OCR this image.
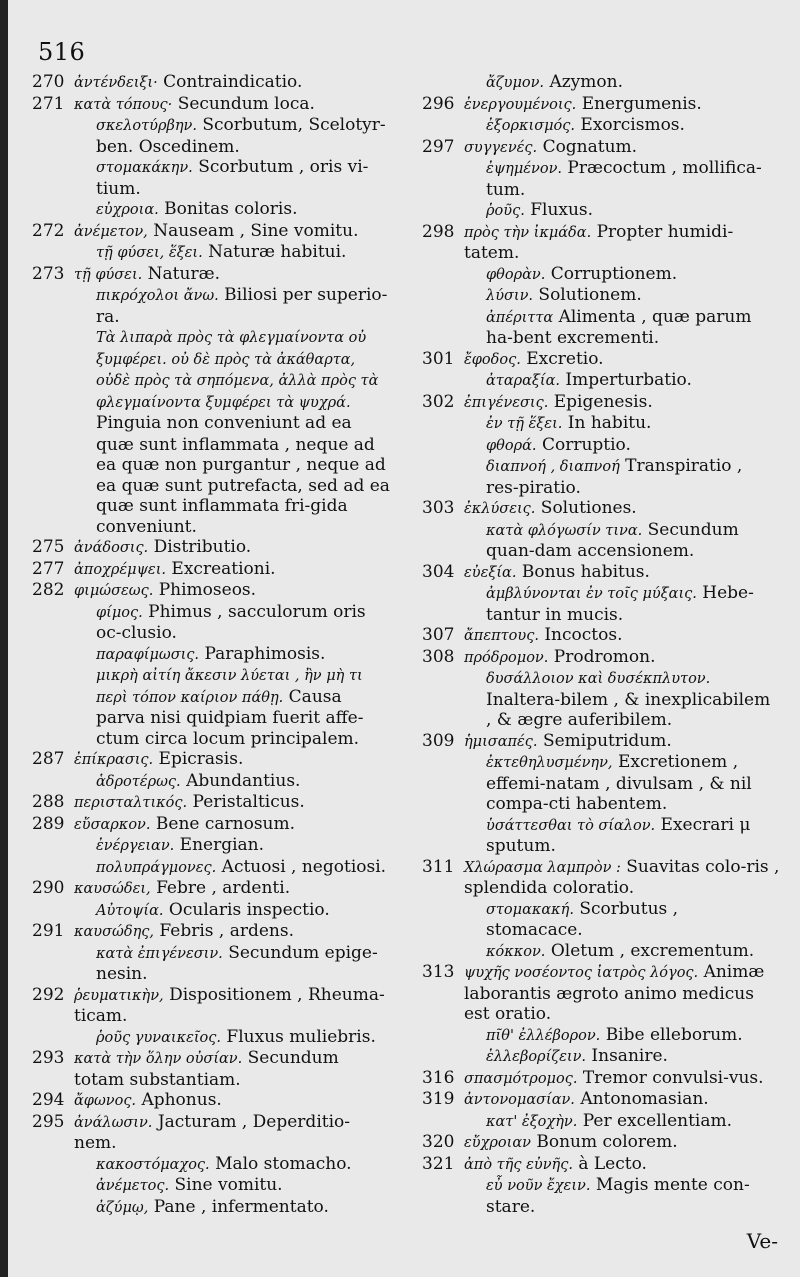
516
270 ἀντένδειξι· Contraindicatio.
271 κατὰ τόπους· Secundum loca.
σκελοτύρβην. Scorbutum, Scelotyr-ben. Oscedinem.
στομακάκην. Scorbutum , oris vi-tium.
εὐχροια. Bonitas coloris.
272 ἀνέμετον, Nauseam , Sine vomitu.
τῇ φύσει, ἕξει. Naturæ habitui.
273 τῇ φύσει. Naturæ.
πικρόχολοι ἄνω. Biliosi per superio-ra.
Τὰ λιπαρὰ πρὸς τὰ φλεγμαίνοντα οὐ ξυμφέρει. οὐ δὲ πρὸς τὰ ἀκάθαρτα, οὐδὲ πρὸς τὰ σηπόμενα, ἀλλὰ πρὸς τὰ φλεγμαίνοντα ξυμφέρει τὰ ψυχρά.
Pinguia non conveniunt ad ea quæ sunt inflammata , neque ad ea quæ non purgantur , neque ad ea quæ sunt putrefacta, sed ad ea quæ sunt inflammata fri-gida conveniunt.
275 ἀνάδοσις. Distributio.
277 ἀποχρέμψει. Excreationi.
282 φιμώσεως. Phimoseos.
φίμος. Phimus , sacculorum oris oc-clusio.
παραφίμωσις. Paraphimosis.
μικρὴ αἰτίη ἄκεσιν λύεται , ἢν μὴ τι περὶ τόπον καίριον πάθῃ. Causa parva nisi quidpiam fuerit affe-ctum circa locum principalem.
287 ἐπίκρασις. Epicrasis.
ἁδροτέρως. Abundantius.
288 περισταλτικός. Peristalticus.
289 εὔσαρκον. Bene carnosum.
ἐνέργειαν. Energian.
πολυπράγμονες. Actuosi , negotiosi.
290 καυσώδει, Febre , ardenti.
Αὐτοψία. Ocularis inspectio.
291 καυσώδης, Febris , ardens.
κατὰ ἐπιγένεσιν. Secundum epige-nesin.
292 ῥευματικὴν, Dispositionem , Rheuma-ticam.
ῥοῦς γυναικεῖος. Fluxus muliebris.
293 κατὰ τὴν ὅλην οὐσίαν. Secundum totam substantiam.
294 ἄφωνος. Aphonus.
295 ἀνάλωσιν. Jacturam , Deperditio-nem.
κακοστόμαχος. Malo stomacho.
ἀνέμετος. Sine vomitu.
ἀζύμῳ, Pane , infermentato.
ἄζυμον. Azymon.
296 ἐνεργουμένοις. Energumenis.
ἐξορκισμός. Exorcismos.
297 συγγενές. Cognatum.
ἐψημένον. Præcoctum , mollifica-tum.
ῥοῦς. Fluxus.
298 πρὸς τὴν ἰκμάδα. Propter humidi-tatem.
φθορὰν. Corruptionem.
λύσιν. Solutionem.
ἀπέριττα Alimenta , quæ parum ha-bent excrementi.
301 ἔφοδος. Excretio.
ἀταραξία. Imperturbatio.
302 ἐπιγένεσις. Epigenesis.
ἐν τῇ ἕξει. In habitu.
φθορά. Corruptio.
διαπνοή , διαπνοή Transpiratio , res-piratio.
303 ἐκλύσεις. Solutiones.
κατὰ φλόγωσίν τινα. Secundum quan-dam accensionem.
304 εὐεξία. Bonus habitus.
ἀμβλύνονται ἐν τοῖς μύξαις. Hebe-tantur in mucis.
307 ἄπεπτους. Incoctos.
308 πρόδρομον. Prodromon.
δυσάλλοιον καὶ δυσέκπλυτον. Inaltera-bilem , & inexplicabilem , & ægre auferibilem.
309 ἡμισαπές. Semiputridum.
ἐκτεθηλυσμένην, Excretionem , effemi-natam , divulsam , & nil compa-cti habentem.
ὑσάττεσθαι τὸ σίαλον. Execrari μ sputum.
311 Χλώρασμα λαμπρὸν : Suavitas colo-ris , splendida coloratio.
στομακακή. Scorbutus , stomacace.
κόκκον. Oletum , excrementum.
313 ψυχῆς νοσέοντος ἰατρὸς λόγος. Animæ laborantis ægroto animo medicus est oratio.
πῖθ' ἐλλέβορον. Bibe elleborum.
ἐλλεβορίζειν. Insanire.
316 σπασμότρομος. Tremor convulsi-vus.
319 ἀντονομασίαν. Antonomasian.
κατ' ἐξοχὴν. Per excellentiam.
320 εὔχροιαν Bonum colorem.
321 ἀπὸ τῆς εὐνῆς. à Lecto.
εὖ νοῦν ἔχειν. Magis mente con-stare.
Ve-
